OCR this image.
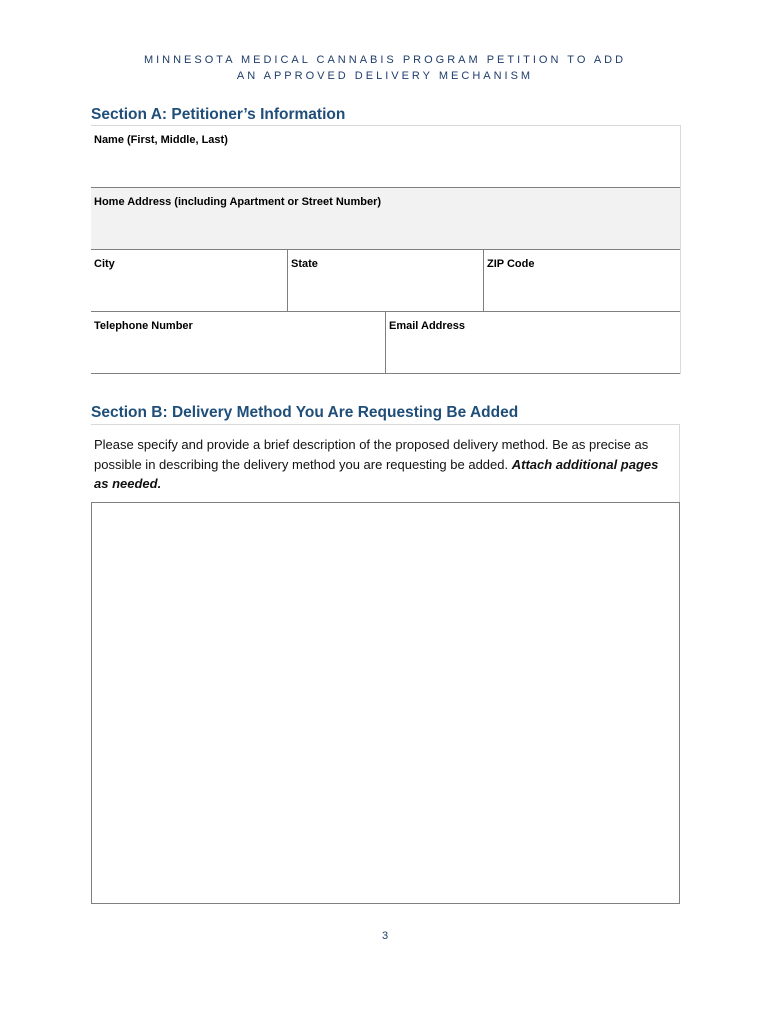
MINNESOTA MEDICAL CANNABIS PROGRAM PETITION TO ADD
AN APPROVED DELIVERY MECHANISM
Section A: Petitioner’s Information
Name (First, Middle, Last)
Home Address (including Apartment or Street Number)
City	State	ZIP Code
Telephone Number	Email Address
Section B: Delivery Method You Are Requesting Be Added
Please specify and provide a brief description of the proposed delivery method. Be as precise as possible in describing the delivery method you are requesting be added. Attach additional pages as needed.
3
